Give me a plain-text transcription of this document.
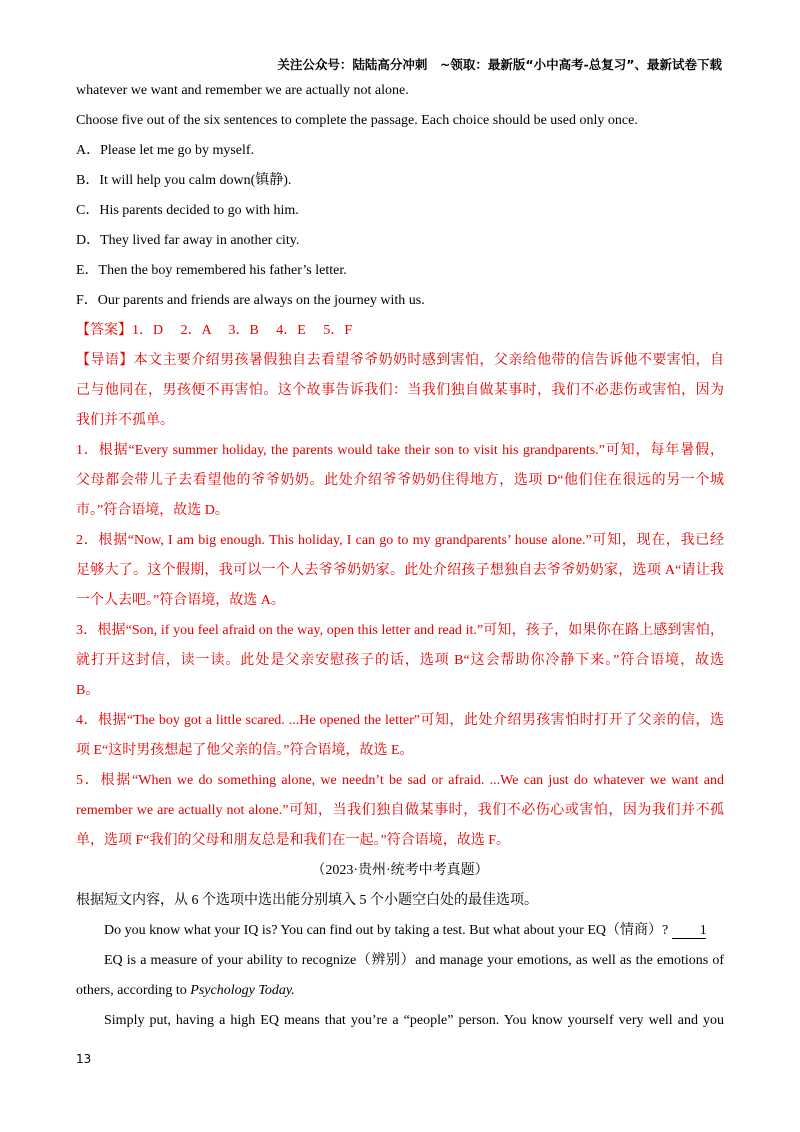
关注公众号：陆陆高分冲刺　~领取：最新版“小中高考-总复习”、最新试卷下载

whatever we want and remember we are actually not alone.

Choose five out of the six sentences to complete the passage. Each choice should be used only once.

A．Please let me go by myself.

B．It will help you calm down(镇静).

C．His parents decided to go with him.

D．They lived far away in another city.

E．Then the boy remembered his father’s letter.

F．Our parents and friends are always on the journey with us.

【答案】1．D　 2．A　 3．B　 4．E　 5．F

【导语】本文主要介绍男孩暑假独自去看望爷爷奶奶时感到害怕，父亲给他带的信告诉他不要害怕，自

己与他同在，男孩便不再害怕。这个故事告诉我们：当我们独自做某事时，我们不必悲伤或害怕，因为

我们并不孤单。

1．根据“Every summer holiday, the parents would take their son to visit his grandparents.”可知，每年暑假，

父母都会带儿子去看望他的爷爷奶奶。此处介绍爷爷奶奶住得地方，选项 D“他们住在很远的另一个城

市。”符合语境，故选 D。

2．根据“Now, I am big enough. This holiday, I can go to my grandparents’ house alone.”可知，现在，我已经

足够大了。这个假期，我可以一个人去爷爷奶奶家。此处介绍孩子想独自去爷爷奶奶家，选项 A“请让我

一个人去吧。”符合语境，故选 A。

3．根据“Son, if you feel afraid on the way, open this letter and read it.”可知，孩子，如果你在路上感到害怕，

就打开这封信，读一读。此处是父亲安慰孩子的话，选项 B“这会帮助你冷静下来。”符合语境，故选

B。

4．根据“The boy got a little scared. ...He opened the letter”可知，此处介绍男孩害怕时打开了父亲的信，选

项 E“这时男孩想起了他父亲的信。”符合语境，故选 E。

5．根据“When we do something alone, we needn’t be sad or afraid. ...We can just do whatever we want and

remember we are actually not alone.”可知，当我们独自做某事时，我们不必伤心或害怕，因为我们并不孤

单，选项 F“我们的父母和朋友总是和我们在一起。”符合语境，故选 F。

（2023·贵州·统考中考真题）

根据短文内容，从 6 个选项中选出能分别填入 5 个小题空白处的最佳选项。

Do you know what your IQ is? You can find out by taking a test. But what about your EQ（情商）? 1

EQ is a measure of your ability to recognize（辨别）and manage your emotions, as well as the emotions of

others, according to Psychology Today.

Simply put, having a high EQ means that you’re a “people” person. You know yourself very well and you

13
